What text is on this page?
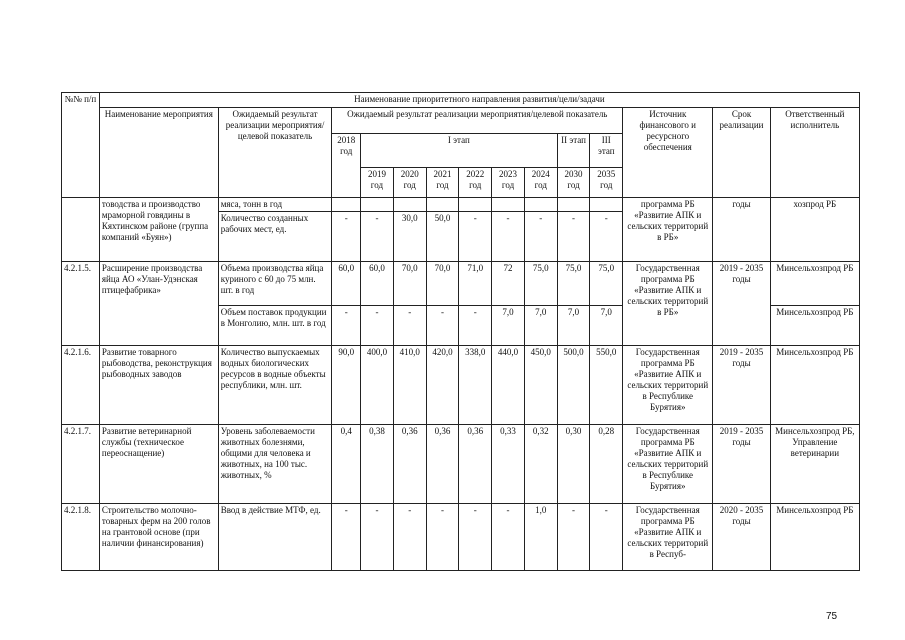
№№ п/п	Наименование приоритетного направления развития/цели/задачи													
	Наименование мероприятия	Ожидаемый результат реализации мероприятия/целевой показатель	Ожидаемый результат реализации мероприятия/целевой показатель									Источник финансового и ресурсного обеспечения	Срок реализации	Ответственный исполнитель
			2018 год	I этап						II этап	III этап			
				2019 год	2020 год	2021 год	2022 год	2023 год	2024 год	2030 год	2035 год			
	товодства и производство мраморной говядины в Кяхтинском районе (группа компаний «Буян»)	мяса, тонн в год										программа РБ «Развитие АПК и сельских территорий в РБ»	годы	хозпрод РБ
		Количество созданных рабочих мест, ед.	-	-	30,0	50,0	-	-	-	-	-			
4.2.1.5.	Расширение производства яйца АО «Улан-Удэнская птицефабрика»	Объема производства яйца куриного с 60 до 75 млн. шт. в год	60,0	60,0	70,0	70,0	71,0	72	75,0	75,0	75,0	Государственная программа РБ «Развитие АПК и сельских территорий в РБ»	2019 - 2035 годы	Минсельхозпрод РБ
		Объем поставок продукции в Монголию, млн. шт. в год	-	-	-	-	-	7,0	7,0	7,0	7,0			Минсельхозпрод РБ
4.2.1.6.	Развитие товарного рыбоводства, реконструкция рыбоводных заводов	Количество выпускаемых водных биологических ресурсов в водные объекты республики, млн. шт.	90,0	400,0	410,0	420,0	338,0	440,0	450,0	500,0	550,0	Государственная программа РБ «Развитие АПК и сельских территорий в Республике Бурятия»	2019 - 2035 годы	Минсельхозпрод РБ
4.2.1.7.	Развитие ветеринарной службы (техническое переоснащение)	Уровень заболеваемости животных болезнями, общими для человека и животных, на 100 тыс. животных, %	0,4	0,38	0,36	0,36	0,36	0,33	0,32	0,30	0,28	Государственная программа РБ «Развитие АПК и сельских территорий в Республике Бурятия»	2019 - 2035 годы	Минсельхозпрод РБ, Управление ветеринарии
4.2.1.8.	Строительство молочно-товарных ферм на 200 голов на грантовой основе (при наличии финансирования)	Ввод в действие МТФ, ед.	-	-	-	-	-	-	1,0	-	-	Государственная программа РБ «Развитие АПК и сельских территорий в Респуб-	2020 - 2035 годы	Минсельхозпрод РБ
75
